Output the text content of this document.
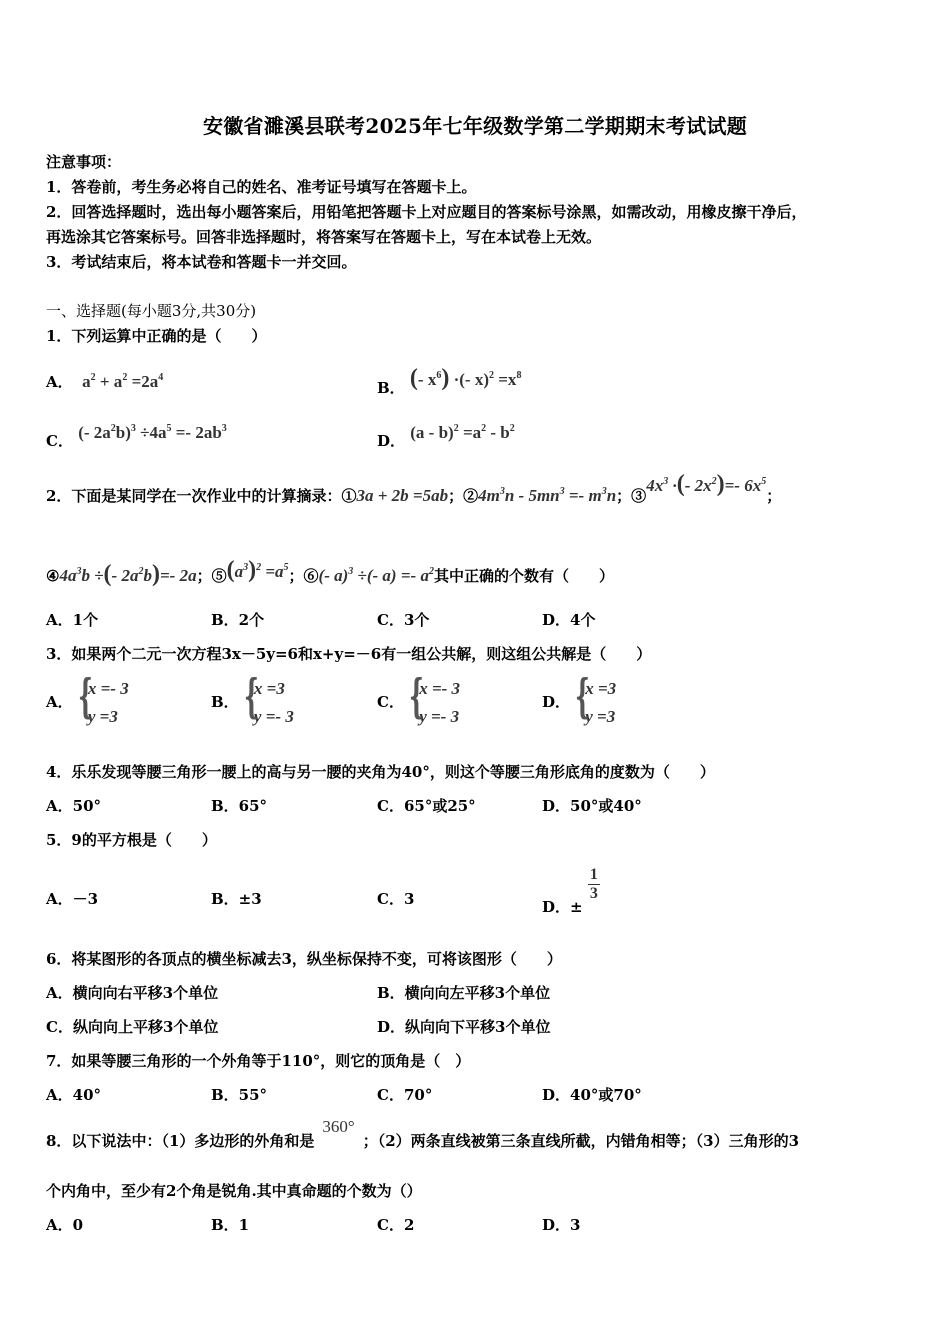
安徽省濉溪县联考2025年七年级数学第二学期期末考试试题
注意事项：
1．答卷前，考生务必将自己的姓名、准考证号填写在答题卡上。
2．回答选择题时，选出每小题答案后，用铅笔把答题卡上对应题目的答案标号涂黑，如需改动，用橡皮擦干净后，
再选涂其它答案标号。回答非选择题时，将答案写在答题卡上，写在本试卷上无效。
3．考试结束后，将本试卷和答题卡一并交回。
一、选择题(每小题3分,共30分)
1．下列运算中正确的是（　　）
A．  $a^2 + a^2 =2a^4$
B． (- $x^6$) ·(- $x)^2 =x^8$
C． (- $2a^2b)^3 \div 4a^5 =- 2ab^3$
D． $(a - b)^2 =a^2 - b^2$
2．下面是某同学在一次作业中的计算摘录：①3a + 2b =5ab；$②4m^3n - 5mn^3 =- m^3n$；$③4x^3$ ·(- $2x^2)=-$ $6x^5$；
$④4a^3b$ ÷(- $2a^2b)=-$ 2a；$⑤(a^3)^2 =a^5$；⑥(- a)$^3$ ÷(- $a) =- a^2$其中正确的个数有（　　）
A．1个	B．2个	C．3个	D．4个
3．如果两个二元一次方程3x－5y=6和x+y=－6有一组公共解，则这组公共解是（　　）
A． {
x =- 3
y =3
B． {
x =3
y =- 3
C． {
x =- 3
y =- 3
D． {
x =3
y =3
4．乐乐发现等腰三角形一腰上的高与另一腰的夹角为40°，则这个等腰三角形底角的度数为（　　）
A．50°	B．65°	C．65°或25°	D．50°或40°
5．9的平方根是（　　）
A．－3	B．±3	C．3	D．±
$\frac{1}{3}$
6．将某图形的各顶点的横坐标减去3，纵坐标保持不变，可将该图形（　　）
A．横向向右平移3个单位	B．横向向左平移3个单位
C．纵向向上平移3个单位	D．纵向向下平移3个单位
7．如果等腰三角形的一个外角等于110°，则它的顶角是（　）
A．40°	B．55°	C．70°	D．40°或70°
8．以下说法中：（1）多边形的外角和是360°；（2）两条直线被第三条直线所截，内错角相等；（3）三角形的3
个内角中，至少有2个角是锐角.其中真命题的个数为（）
A．0	B．1	C．2	D．3
